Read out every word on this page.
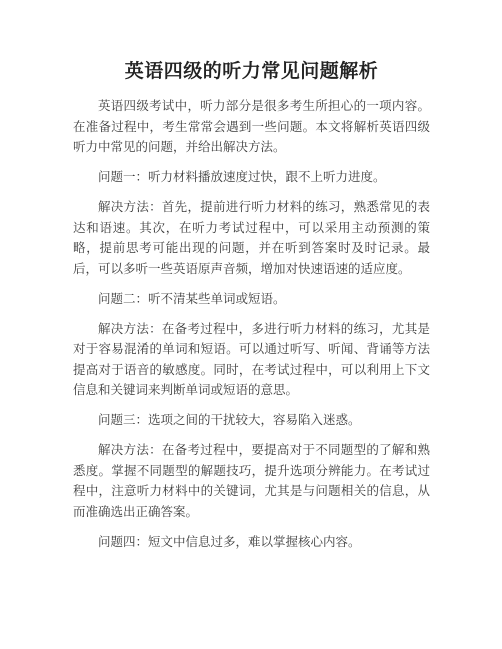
英语四级的听力常见问题解析

英语四级考试中，听力部分是很多考生所担心的一项内容。在准备过程中，考生常常会遇到一些问题。本文将解析英语四级听力中常见的问题，并给出解决方法。

问题一：听力材料播放速度过快，跟不上听力进度。

解决方法：首先，提前进行听力材料的练习，熟悉常见的表达和语速。其次，在听力考试过程中，可以采用主动预测的策略，提前思考可能出现的问题，并在听到答案时及时记录。最后，可以多听一些英语原声音频，增加对快速语速的适应度。

问题二：听不清某些单词或短语。

解决方法：在备考过程中，多进行听力材料的练习，尤其是对于容易混淆的单词和短语。可以通过听写、听闻、背诵等方法提高对于语音的敏感度。同时，在考试过程中，可以利用上下文信息和关键词来判断单词或短语的意思。

问题三：选项之间的干扰较大，容易陷入迷惑。

解决方法：在备考过程中，要提高对于不同题型的了解和熟悉度。掌握不同题型的解题技巧，提升选项分辨能力。在考试过程中，注意听力材料中的关键词，尤其是与问题相关的信息，从而准确选出正确答案。

问题四：短文中信息过多，难以掌握核心内容。
